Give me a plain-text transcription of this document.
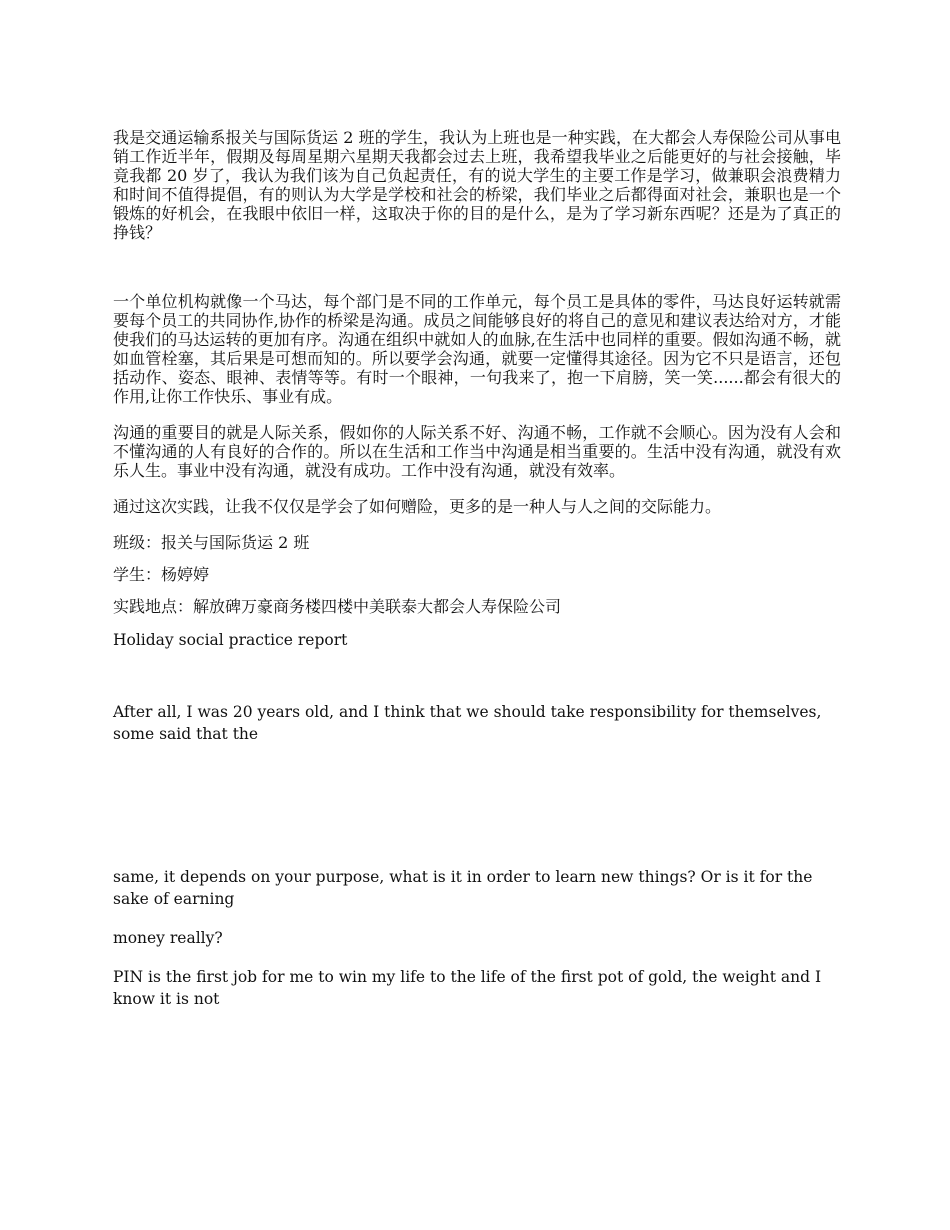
我是交通运输系报关与国际货运 2 班的学生，我认为上班也是一种实践，在大都会人寿保险公司从事电销工作近半年，假期及每周星期六星期天我都会过去上班，我希望我毕业之后能更好的与社会接触，毕竟我都 20 岁了，我认为我们该为自己负起责任，有的说大学生的主要工作是学习，做兼职会浪费精力和时间不值得提倡，有的则认为大学是学校和社会的桥梁，我们毕业之后都得面对社会，兼职也是一个锻炼的好机会，在我眼中依旧一样，这取决于你的目的是什么，是为了学习新东西呢？还是为了真正的挣钱？

一个单位机构就像一个马达，每个部门是不同的工作单元，每个员工是具体的零件，马达良好运转就需要每个员工的共同协作,协作的桥梁是沟通。成员之间能够良好的将自己的意见和建议表达给对方，才能使我们的马达运转的更加有序。沟通在组织中就如人的血脉,在生活中也同样的重要。假如沟通不畅，就如血管栓塞，其后果是可想而知的。所以要学会沟通，就要一定懂得其途径。因为它不只是语言，还包括动作、姿态、眼神、表情等等。有时一个眼神，一句我来了，抱一下肩膀，笑一笑......都会有很大的作用,让你工作快乐、事业有成。

沟通的重要目的就是人际关系，假如你的人际关系不好、沟通不畅，工作就不会顺心。因为没有人会和不懂沟通的人有良好的合作的。所以在生活和工作当中沟通是相当重要的。生活中没有沟通，就没有欢乐人生。事业中没有沟通，就没有成功。工作中没有沟通，就没有效率。

通过这次实践，让我不仅仅是学会了如何赠险，更多的是一种人与人之间的交际能力。

班级：报关与国际货运 2 班

学生：杨婷婷

实践地点：解放碑万豪商务楼四楼中美联泰大都会人寿保险公司

Holiday social practice report

After all, I was 20 years old, and I think that we should take responsibility for themselves, some said that the

same, it depends on your purpose, what is it in order to learn new things? Or is it for the sake of earning

money really?

PIN is the first job for me to win my life to the life of the first pot of gold, the weight and I know it is not
